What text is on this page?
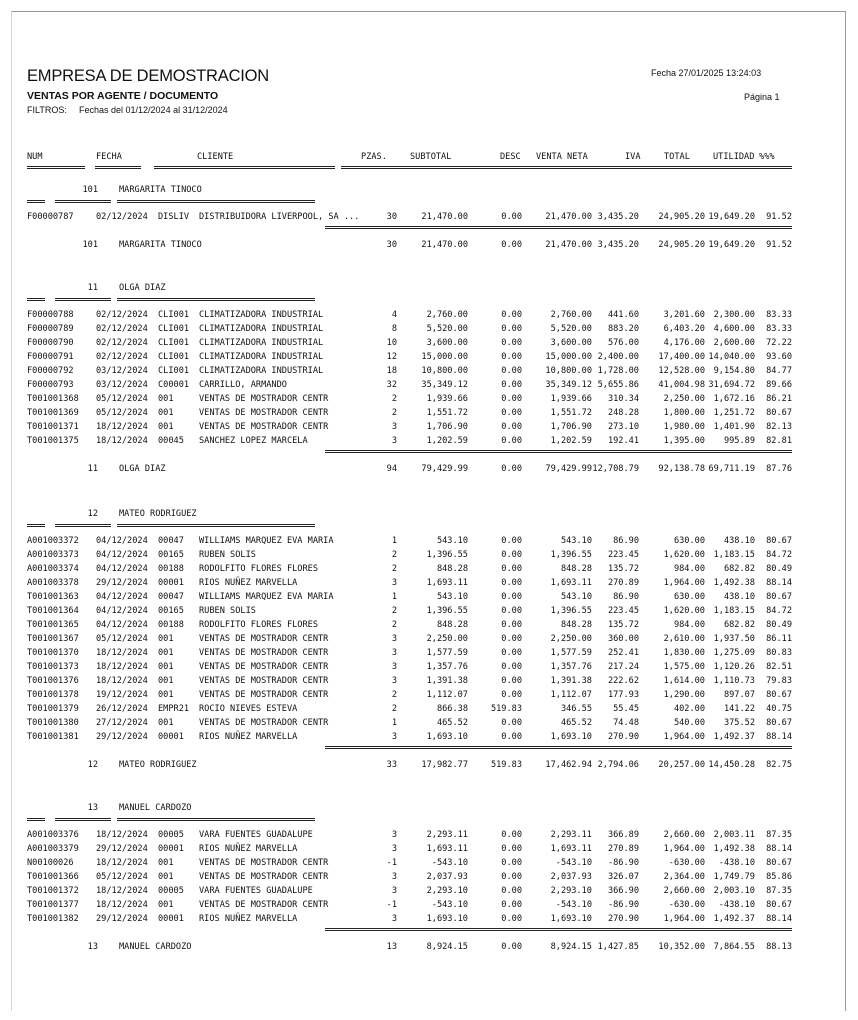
EMPRESA DE DEMOSTRACION
VENTAS POR AGENTE / DOCUMENTO
FILTROS: Fechas del 01/12/2024 al 31/12/2024
Fecha 27/01/2025 13:24:03
Página 1
NUM	FECHA	CLIENTE	PZAS.	SUBTOTAL	DESC VENTA NETA	IVA	TOTAL	UTILIDAD %%%
101 MARGARITA TINOCO
F00000787	02/12/2024 DISLIV DISTRIBUIDORA LIVERPOOL, SA ...	30	21,470.00	0.00	21,470.00 3,435.20	24,905.20 19,649.20	91.52
101 MARGARITA TINOCO	30	21,470.00	0.00	21,470.00 3,435.20	24,905.20 19,649.20	91.52
11 OLGA DIAZ
F00000788	02/12/2024 CLI001 CLIMATIZADORA INDUSTRIAL	4	2,760.00	0.00	2,760.00	441.60	3,201.60 2,300.00	83.33
F00000789	02/12/2024 CLI001 CLIMATIZADORA INDUSTRIAL	8	5,520.00	0.00	5,520.00	883.20	6,403.20 4,600.00	83.33
F00000790	02/12/2024 CLI001 CLIMATIZADORA INDUSTRIAL	10	3,600.00	0.00	3,600.00	576.00	4,176.00 2,600.00	72.22
F00000791	02/12/2024 CLI001 CLIMATIZADORA INDUSTRIAL	12	15,000.00	0.00	15,000.00 2,400.00	17,400.00 14,040.00	93.60
F00000792	03/12/2024 CLI001 CLIMATIZADORA INDUSTRIAL	18	10,800.00	0.00	10,800.00 1,728.00	12,528.00 9,154.80	84.77
F00000793	03/12/2024 C00001 CARRILLO, ARMANDO	32	35,349.12	0.00	35,349.12 5,655.86	41,004.98 31,694.72	89.66
T001001368 05/12/2024 001	VENTAS DE MOSTRADOR CENTR	2	1,939.66	0.00	1,939.66	310.34	2,250.00 1,672.16	86.21
T001001369 05/12/2024 001	VENTAS DE MOSTRADOR CENTR	2	1,551.72	0.00	1,551.72	248.28	1,800.00 1,251.72	80.67
T001001371 18/12/2024 001	VENTAS DE MOSTRADOR CENTR	3	1,706.90	0.00	1,706.90	273.10	1,980.00 1,401.90	82.13
T001001375 18/12/2024 00045 SANCHEZ LOPEZ MARCELA	3	1,202.59	0.00	1,202.59	192.41	1,395.00	995.89	82.81
11 OLGA DIAZ	94	79,429.99	0.00	79,429.99 12,708.79	92,138.78 69,711.19	87.76
12 MATEO RODRIGUEZ
A001003372 04/12/2024 00047 WILLIAMS MARQUEZ EVA MARIA	1	543.10	0.00	543.10	86.90	630.00	438.10	80.67
A001003373 04/12/2024 00165 RUBEN SOLIS	2	1,396.55	0.00	1,396.55	223.45	1,620.00 1,183.15	84.72
A001003374 04/12/2024 00188 RODOLFITO FLORES FLORES	2	848.28	0.00	848.28	135.72	984.00	682.82	80.49
A001003378 29/12/2024 00001 RIOS NUÑEZ MARVELLA	3	1,693.11	0.00	1,693.11	270.89	1,964.00 1,492.38	88.14
T001001363 04/12/2024 00047 WILLIAMS MARQUEZ EVA MARIA	1	543.10	0.00	543.10	86.90	630.00	438.10	80.67
T001001364 04/12/2024 00165 RUBEN SOLIS	2	1,396.55	0.00	1,396.55	223.45	1,620.00 1,183.15	84.72
T001001365 04/12/2024 00188 RODOLFITO FLORES FLORES	2	848.28	0.00	848.28	135.72	984.00	682.82	80.49
T001001367 05/12/2024 001	VENTAS DE MOSTRADOR CENTR	3	2,250.00	0.00	2,250.00	360.00	2,610.00 1,937.50	86.11
T001001370 18/12/2024 001	VENTAS DE MOSTRADOR CENTR	3	1,577.59	0.00	1,577.59	252.41	1,830.00 1,275.09	80.83
T001001373 18/12/2024 001	VENTAS DE MOSTRADOR CENTR	3	1,357.76	0.00	1,357.76	217.24	1,575.00 1,120.26	82.51
T001001376 18/12/2024 001	VENTAS DE MOSTRADOR CENTR	3	1,391.38	0.00	1,391.38	222.62	1,614.00 1,110.73	79.83
T001001378 19/12/2024 001	VENTAS DE MOSTRADOR CENTR	2	1,112.07	0.00	1,112.07	177.93	1,290.00	897.07	80.67
T001001379 26/12/2024 EMPR21 ROCIO NIEVES ESTEVA	2	866.38	519.83	346.55	55.45	402.00	141.22	40.75
T001001380 27/12/2024 001	VENTAS DE MOSTRADOR CENTR	1	465.52	0.00	465.52	74.48	540.00	375.52	80.67
T001001381 29/12/2024 00001 RIOS NUÑEZ MARVELLA	3	1,693.10	0.00	1,693.10	270.90	1,964.00 1,492.37	88.14
12 MATEO RODRIGUEZ	33	17,982.77	519.83	17,462.94 2,794.06	20,257.00 14,450.28	82.75
13 MANUEL CARDOZO
A001003376 18/12/2024 00005 VARA FUENTES GUADALUPE	3	2,293.11	0.00	2,293.11	366.89	2,660.00 2,003.11	87.35
A001003379 29/12/2024 00001 RIOS NUÑEZ MARVELLA	3	1,693.11	0.00	1,693.11	270.89	1,964.00 1,492.38	88.14
N00100026	18/12/2024 001	VENTAS DE MOSTRADOR CENTR	-1	-543.10	0.00	-543.10	-86.90	-630.00	-438.10	80.67
T001001366 05/12/2024 001	VENTAS DE MOSTRADOR CENTR	3	2,037.93	0.00	2,037.93	326.07	2,364.00 1,749.79	85.86
T001001372 18/12/2024 00005 VARA FUENTES GUADALUPE	3	2,293.10	0.00	2,293.10	366.90	2,660.00 2,003.10	87.35
T001001377 18/12/2024 001	VENTAS DE MOSTRADOR CENTR	-1	-543.10	0.00	-543.10	-86.90	-630.00	-438.10	80.67
T001001382 29/12/2024 00001 RIOS NUÑEZ MARVELLA	3	1,693.10	0.00	1,693.10	270.90	1,964.00 1,492.37	88.14
13 MANUEL CARDOZO	13	8,924.15	0.00	8,924.15 1,427.85	10,352.00 7,864.55	88.13
